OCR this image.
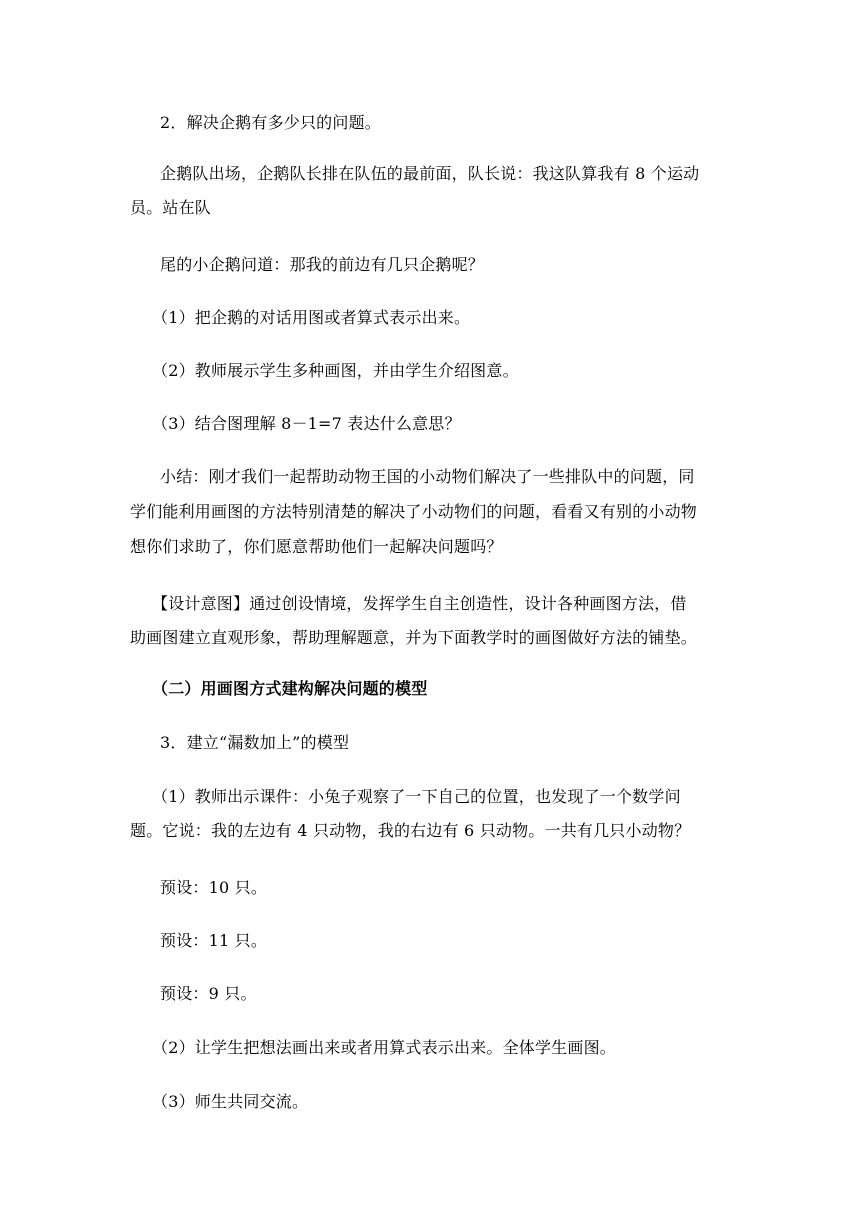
2．解决企鹅有多少只的问题。
企鹅队出场，企鹅队长排在队伍的最前面，队长说：我这队算我有 8 个运动
员。站在队
尾的小企鹅问道：那我的前边有几只企鹅呢？
（1）把企鹅的对话用图或者算式表示出来。
（2）教师展示学生多种画图，并由学生介绍图意。
（3）结合图理解 8－1=7 表达什么意思？
小结：刚才我们一起帮助动物王国的小动物们解决了一些排队中的问题，同
学们能利用画图的方法特别清楚的解决了小动物们的问题，看看又有别的小动物
想你们求助了，你们愿意帮助他们一起解决问题吗？
【设计意图】通过创设情境，发挥学生自主创造性，设计各种画图方法，借
助画图建立直观形象，帮助理解题意，并为下面教学时的画图做好方法的铺垫。
（二）用画图方式建构解决问题的模型
3．建立“漏数加上”的模型
（1）教师出示课件：小兔子观察了一下自己的位置，也发现了一个数学问
题。它说：我的左边有 4 只动物，我的右边有 6 只动物。一共有几只小动物？
预设：10 只。
预设：11 只。
预设：9 只。
（2）让学生把想法画出来或者用算式表示出来。全体学生画图。
（3）师生共同交流。
